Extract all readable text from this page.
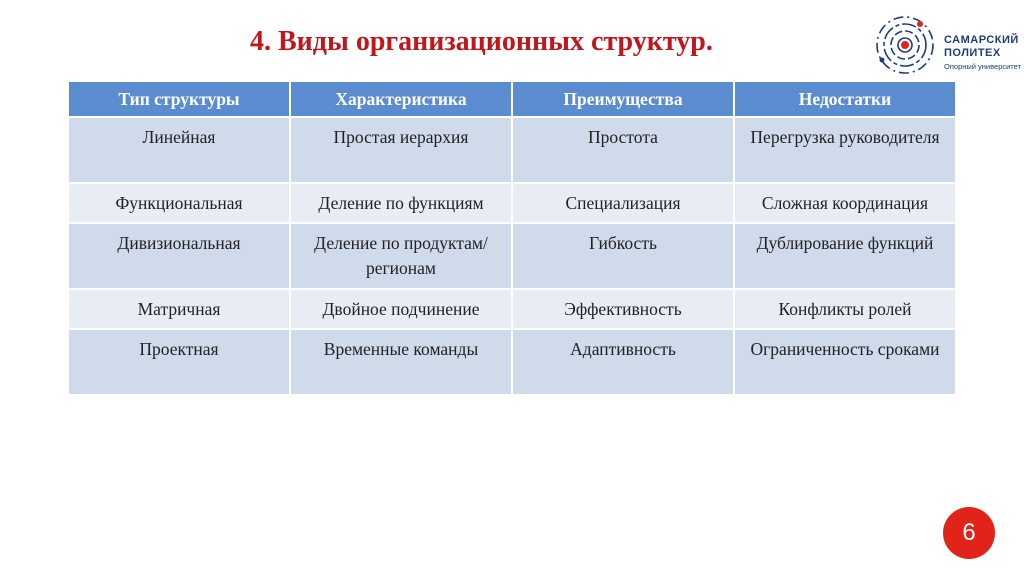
4. Виды организационных структур.	САМАРСКИЙ
ПОЛИТЕХ
Опорный университет
Тип структуры	Характеристика	Преимущества	Недостатки
Линейная	Простая иерархия	Простота	Перегрузка руководителя
Функциональная	Деление по функциям	Специализация	Сложная координация
Дивизиональная	Деление по продуктам/регионам	Гибкость	Дублирование функций
Матричная	Двойное подчинение	Эффективность	Конфликты ролей
Проектная	Временные команды	Адаптивность	Ограниченность сроками
6
